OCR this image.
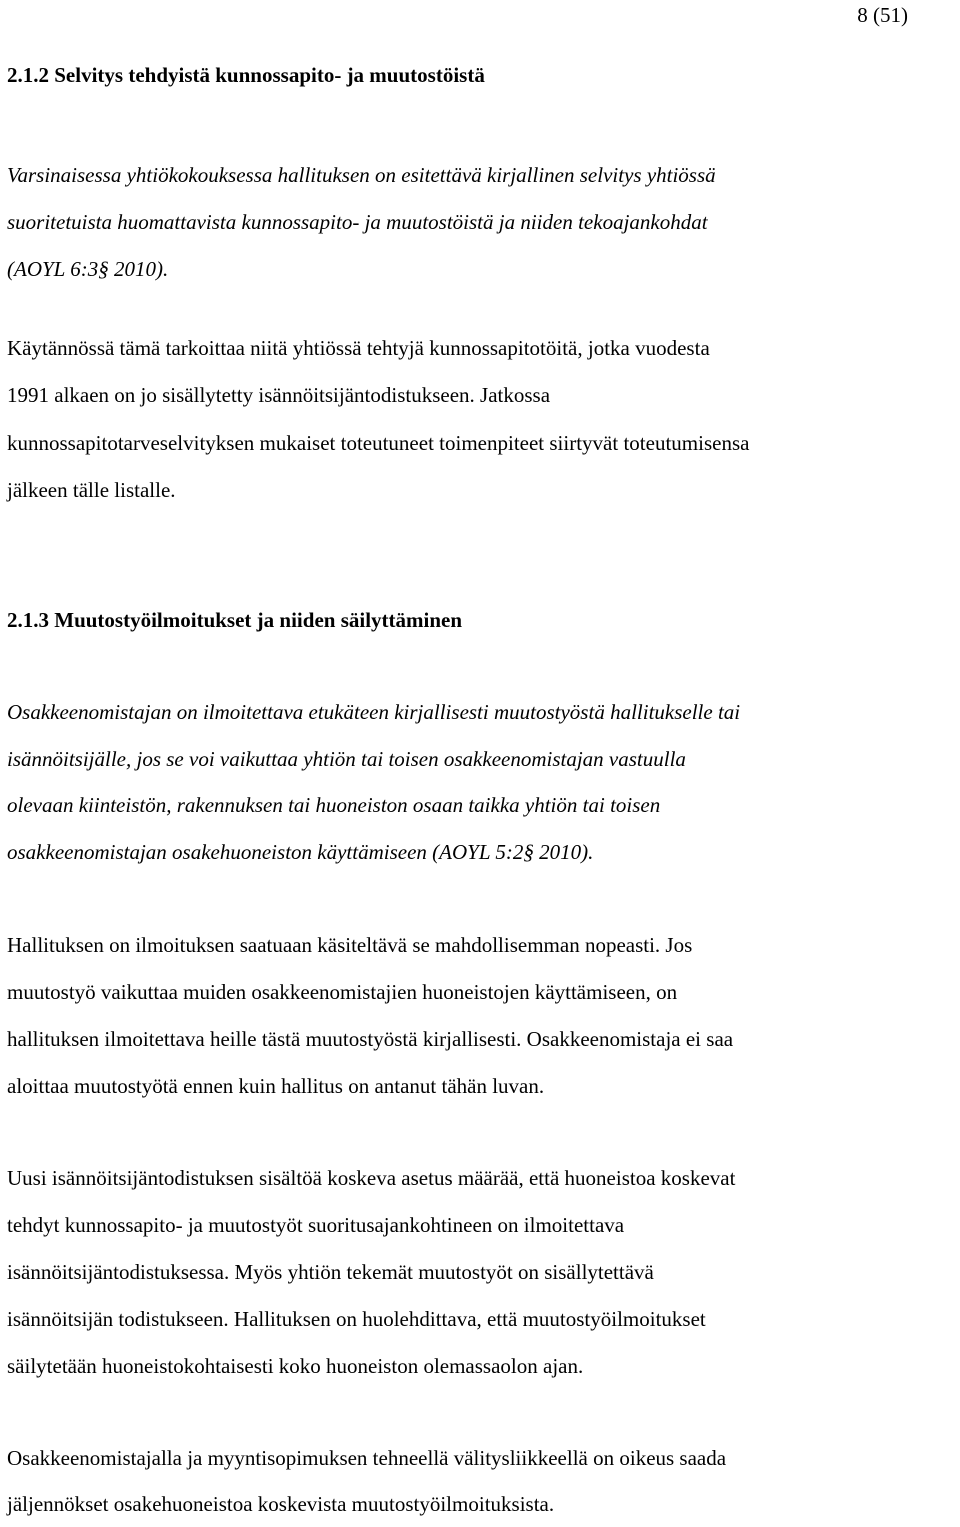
8 (51)
2.1.2 Selvitys tehdyistä kunnossapito- ja muutostöistä
Varsinaisessa yhtiökokouksessa hallituksen on esitettävä kirjallinen selvitys yhtiössä
suoritetuista huomattavista kunnossapito- ja muutostöistä ja niiden tekoajankohdat
(AOYL 6:3§ 2010).
Käytännössä tämä tarkoittaa niitä yhtiössä tehtyjä kunnossapitotöitä, jotka vuodesta
1991 alkaen on jo sisällytetty isännöitsijäntodistukseen. Jatkossa
kunnossapitotarveselvityksen mukaiset toteutuneet toimenpiteet siirtyvät toteutumisensa
jälkeen tälle listalle.
2.1.3 Muutostyöilmoitukset ja niiden säilyttäminen
Osakkeenomistajan on ilmoitettava etukäteen kirjallisesti muutostyöstä hallitukselle tai
isännöitsijälle, jos se voi vaikuttaa yhtiön tai toisen osakkeenomistajan vastuulla
olevaan kiinteistön, rakennuksen tai huoneiston osaan taikka yhtiön tai toisen
osakkeenomistajan osakehuoneiston käyttämiseen (AOYL 5:2§ 2010).
Hallituksen on ilmoituksen saatuaan käsiteltävä se mahdollisemman nopeasti. Jos
muutostyö vaikuttaa muiden osakkeenomistajien huoneistojen käyttämiseen, on
hallituksen ilmoitettava heille tästä muutostyöstä kirjallisesti. Osakkeenomistaja ei saa
aloittaa muutostyötä ennen kuin hallitus on antanut tähän luvan.
Uusi isännöitsijäntodistuksen sisältöä koskeva asetus määrää, että huoneistoa koskevat
tehdyt kunnossapito- ja muutostyöt suoritusajankohtineen on ilmoitettava
isännöitsijäntodistuksessa. Myös yhtiön tekemät muutostyöt on sisällytettävä
isännöitsijän todistukseen. Hallituksen on huolehdittava, että muutostyöilmoitukset
säilytetään huoneistokohtaisesti koko huoneiston olemassaolon ajan.
Osakkeenomistajalla ja myyntisopimuksen tehneellä välitysliikkeellä on oikeus saada
jäljennökset osakehuoneistoa koskevista muutostyöilmoituksista.
